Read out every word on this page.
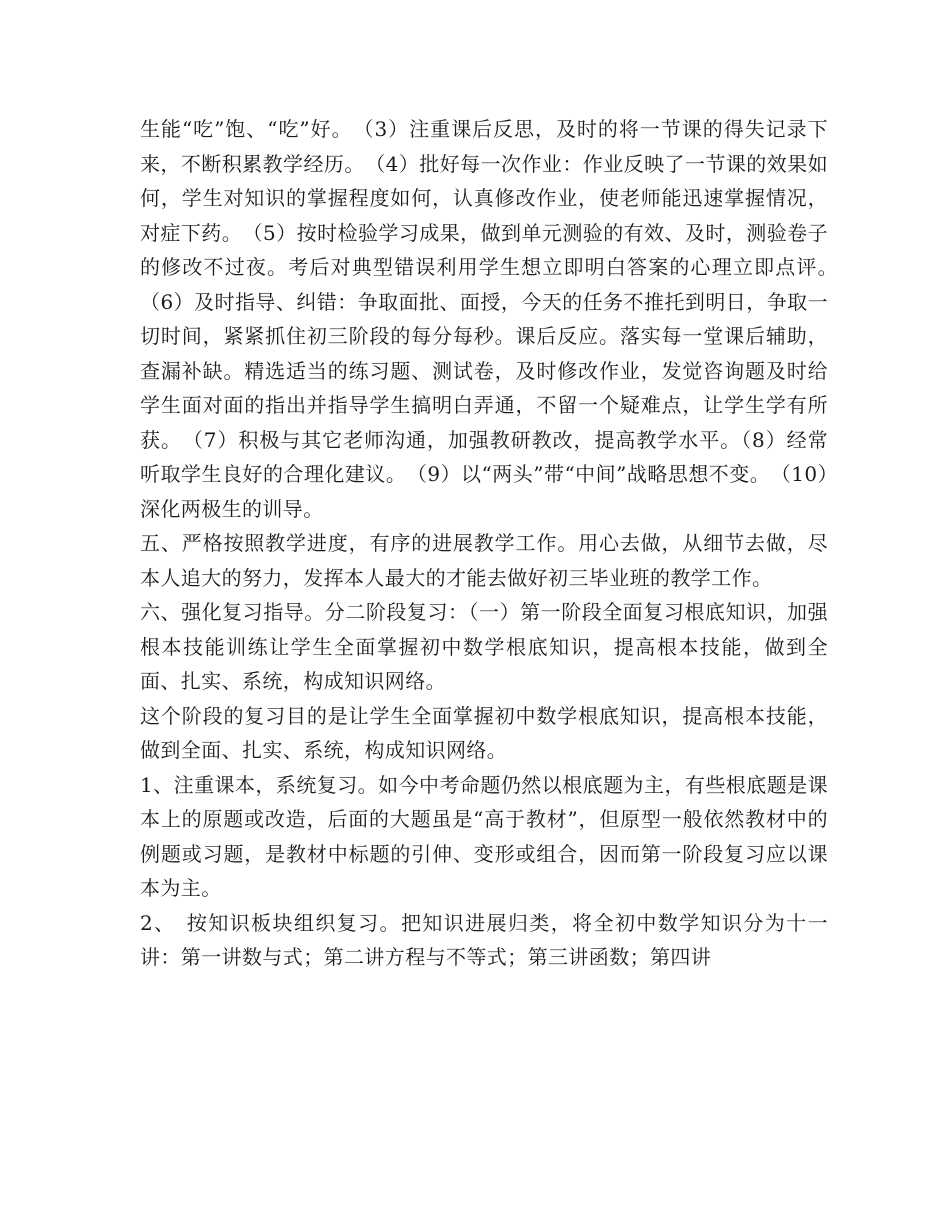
生能“吃”饱、“吃”好。　（3）注重课后反思，及时的将一节课的得失记录下来，不断积累教学经历。　（4）批好每一次作业：作业反映了一节课的效果如何，学生对知识的掌握程度如何，认真修改作业，使老师能迅速掌握情况，对症下药。　（5）按时检验学习成果，做到单元测验的有效、及时，测验卷子的修改不过夜。考后对典型错误利用学生想立即明白答案的心理立即点评。　（6）及时指导、纠错：争取面批、面授，今天的任务不推托到明日，争取一切时间，紧紧抓住初三阶段的每分每秒。课后反应。落实每一堂课后辅助，查漏补缺。精选适当的练习题、测试卷，及时修改作业，发觉咨询题及时给学生面对面的指出并指导学生搞明白弄通，不留一个疑难点，让学生学有所获。　（7）积极与其它老师沟通，加强教研教改，提高教学水平。（8）经常听取学生良好的合理化建议。　（9）以“两头”带“中间”战略思想不变。　（10）深化两极生的训导。

五、严格按照教学进度，有序的进展教学工作。用心去做，从细节去做，尽本人追大的努力，发挥本人最大的才能去做好初三毕业班的教学工作。

六、强化复习指导。分二阶段复习：（一）第一阶段全面复习根底知识，加强根本技能训练让学生全面掌握初中数学根底知识，提高根本技能，做到全面、扎实、系统，构成知识网络。

这个阶段的复习目的是让学生全面掌握初中数学根底知识，提高根本技能，做到全面、扎实、系统，构成知识网络。

1、注重课本，系统复习。如今中考命题仍然以根底题为主，有些根底题是课本上的原题或改造，后面的大题虽是“高于教材”，但原型一般依然教材中的例题或习题，是教材中标题的引伸、变形或组合，因而第一阶段复习应以课本为主。

2、　按知识板块组织复习。把知识进展归类，将全初中数学知识分为十一讲：第一讲数与式；第二讲方程与不等式；第三讲函数；第四讲
